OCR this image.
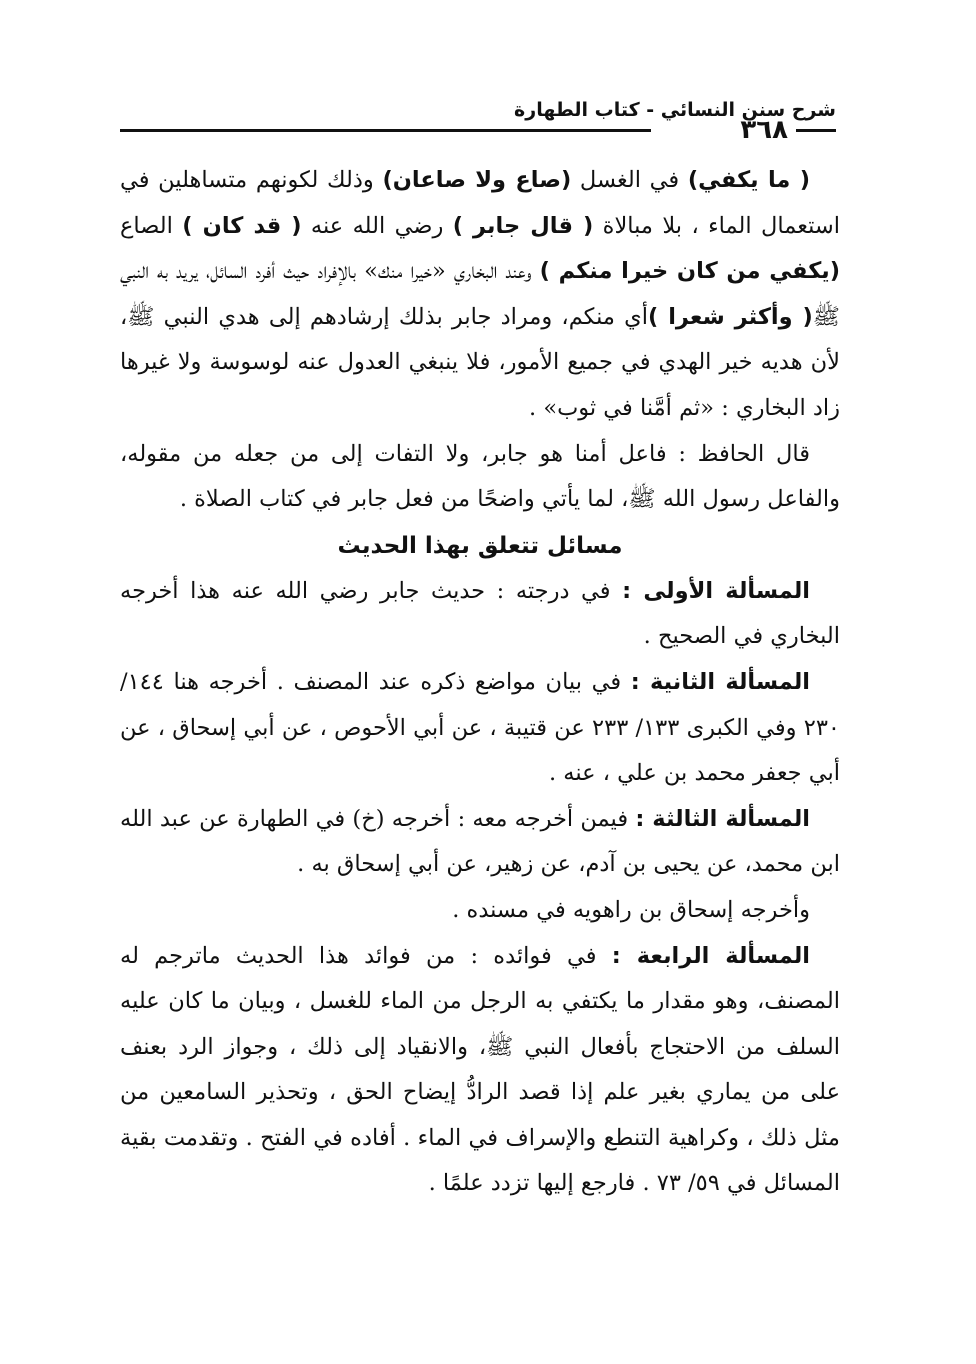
شرح سنن النسائي - كتاب الطهارة
٣٦٨

( ما يكفي) في الغسل (صاع ولا صاعان) وذلك لكونهم متساهلين في استعمال الماء ، بلا مبالاة ( قال جابر ) رضي الله عنه ( قد كان ) الصاع (يكفي من كان خيرا منكم ) وعند البخاري «خيرا منك» بالإفراد حيث أفرد السائل، يريد به النبي ﷺ( وأكثر شعرا )أي منكم، ومراد جابر بذلك إرشادهم إلى هدي النبي ﷺ، لأن هديه خير الهدي في جميع الأمور، فلا ينبغي العدول عنه لوسوسة ولا غيرها زاد البخاري : «ثم أمَّنا في ثوب» .

قال الحافظ : فاعل أمنا هو جابر، ولا التفات إلى من جعله من مقوله، والفاعل رسول الله ﷺ، لما يأتي واضحًا من فعل جابر في كتاب الصلاة .

مسائل تتعلق بهذا الحديث

المسألة الأولى : في درجته : حديث جابر رضي الله عنه هذا أخرجه البخاري في الصحيح .

المسألة الثانية : في بيان مواضع ذكره عند المصنف . أخرجه هنا ١٤٤/ ٢٣٠ وفي الكبرى ١٣٣/ ٢٣٣ عن قتيبة ، عن أبي الأحوص ، عن أبي إسحاق ، عن أبي جعفر محمد بن علي ، عنه .

المسألة الثالثة : فيمن أخرجه معه : أخرجه (خ) في الطهارة عن عبد الله ابن محمد، عن يحيى بن آدم، عن زهير، عن أبي إسحاق به .

وأخرجه إسحاق بن راهويه في مسنده .

المسألة الرابعة : في فوائده : من فوائد هذا الحديث ماترجم له المصنف، وهو مقدار ما يكتفي به الرجل من الماء للغسل ، وبيان ما كان عليه السلف من الاحتجاج بأفعال النبي ﷺ، والانقياد إلى ذلك ، وجواز الرد بعنف على من يماري بغير علم إذا قصد الرادُّ إيضاح الحق ، وتحذير السامعين من مثل ذلك ، وكراهية التنطع والإسراف في الماء . أفاده في الفتح . وتقدمت بقية المسائل في ٥٩/ ٧٣ . فارجع إليها تزدد علمًا .
